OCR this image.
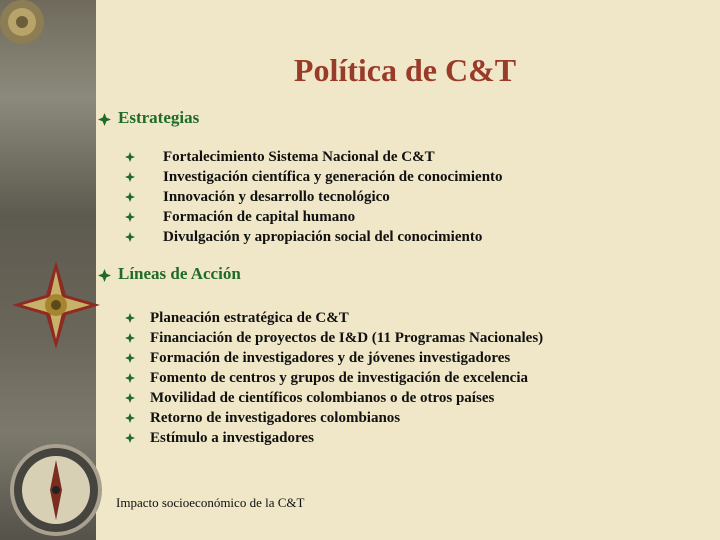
Política de C&T
Estrategias
Fortalecimiento Sistema Nacional de C&T
Investigación científica y generación de conocimiento
Innovación y desarrollo tecnológico
Formación de capital humano
Divulgación y apropiación social del conocimiento
Líneas de Acción
Planeación estratégica de C&T
Financiación de proyectos de I&D (11 Programas Nacionales)
Formación de investigadores y de jóvenes investigadores
Fomento de centros y grupos de investigación de excelencia
Movilidad de científicos colombianos o de otros países
Retorno de investigadores colombianos
Estímulo a investigadores
Impacto socioeconómico de la C&T
